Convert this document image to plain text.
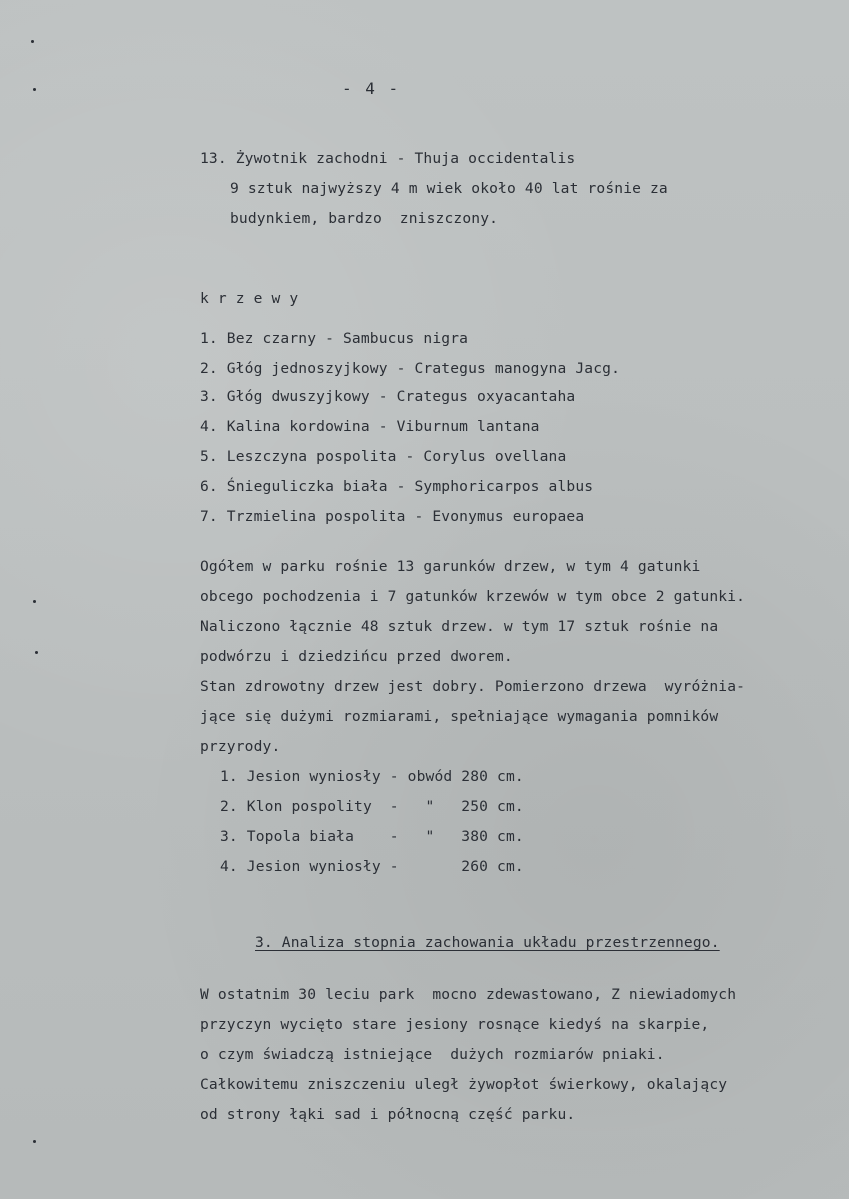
- 4 -
13. Żywotnik zachodni - Thuja occidentalis
9 sztuk najwyższy 4 m wiek około 40 lat rośnie za
budynkiem, bardzo  zniszczony.
k r z e w y
1. Bez czarny - Sambucus nigra
2. Głóg jednoszyjkowy - Crategus manogyna Jacg.
3. Głóg dwuszyjkowy - Crategus oxyacantaha
4. Kalina kordowina - Viburnum lantana
5. Leszczyna pospolita - Corylus ovellana
6. Śnieguliczka biała - Symphoricarpos albus
7. Trzmielina pospolita - Evonymus europaea
Ogółem w parku rośnie 13 garunków drzew, w tym 4 gatunki
obcego pochodzenia i 7 gatunków krzewów w tym obce 2 gatunki.
Naliczono łącznie 48 sztuk drzew. w tym 17 sztuk rośnie na
podwórzu i dziedzińcu przed dworem.
Stan zdrowotny drzew jest dobry. Pomierzono drzewa  wyróżnia-
jące się dużymi rozmiarami, spełniające wymagania pomników
przyrody.
1. Jesion wyniosły - obwód 280 cm.
2. Klon pospolity  -   "   250 cm.
3. Topola biała    -   "   380 cm.
4. Jesion wyniosły -       260 cm.
3. Analiza stopnia zachowania układu przestrzennego.
W ostatnim 30 leciu park  mocno zdewastowano, Z niewiadomych
przyczyn wycięto stare jesiony rosnące kiedyś na skarpie,
o czym świadczą istniejące  dużych rozmiarów pniaki.
Całkowitemu zniszczeniu uległ żywopłot świerkowy, okalający
od strony łąki sad i północną część parku.
